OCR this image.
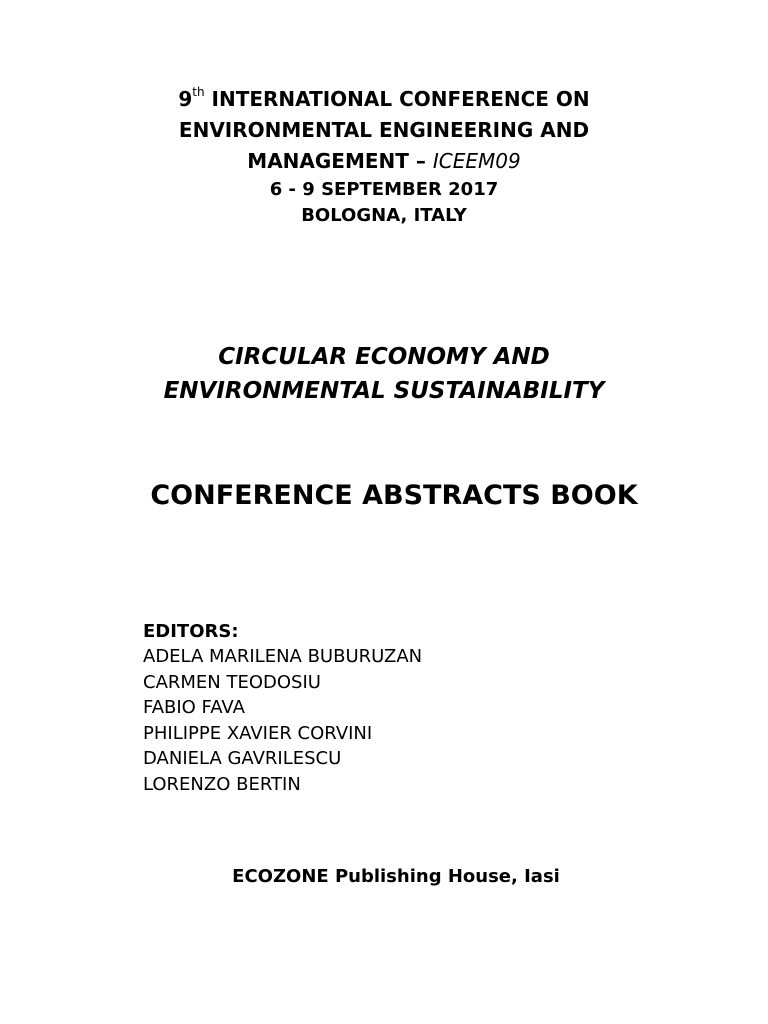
9th INTERNATIONAL CONFERENCE ON
ENVIRONMENTAL ENGINEERING AND
MANAGEMENT – ICEEM09
6 - 9 SEPTEMBER 2017
BOLOGNA, ITALY
CIRCULAR ECONOMY AND
ENVIRONMENTAL SUSTAINABILITY
CONFERENCE ABSTRACTS BOOK
EDITORS:
ADELA MARILENA BUBURUZAN
CARMEN TEODOSIU
FABIO FAVA
PHILIPPE XAVIER CORVINI
DANIELA GAVRILESCU
LORENZO BERTIN
ECOZONE Publishing House, Iasi
